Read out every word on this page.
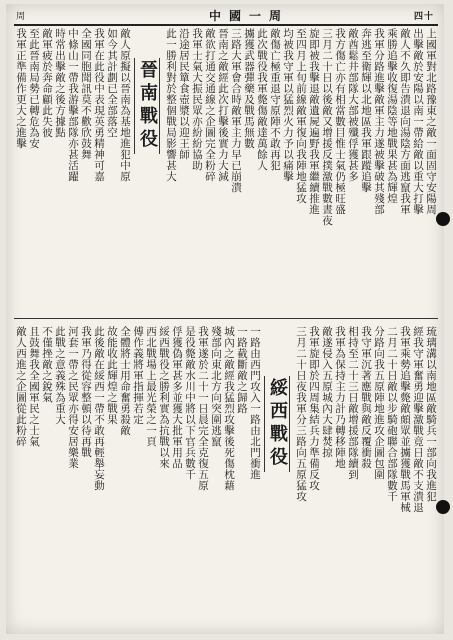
周	中國一周	四十
晉南戰役	上國軍對北路豫東之敵一面固守安陽周
出擊敵於安陽以南一帶給敵以重大打擊
敵人不久即告潰退向湯陰方面逃竄我軍
乘勝追擊收復湯陰等地戰果甚為輝煌
我軍分路進擊敵軍主力遂被擊破其殘部
奔逃至衛輝以北地區我軍跟蹤追擊
敵酋鬆井部隊大部被殲俘獲甚多
我方傷亡亦有相當數目惟士氣仍極旺盛
三月二十日以後敵又增援反撲激戰數晝夜
旋即被我擊退敵遺屍遍野我軍繼續推進
至四月上旬前線敵軍復向我陣地猛攻
均被我守軍以猛烈火力予以痛擊
敵傷亡極重退守原陣不敢再犯
此次戰役我軍斃傷敵達萬餘人
擄獲武器彈藥及戰馬無數
三路大軍會合時敵軍主力早已崩潰
晉南之敵經此次打擊後實力大減
敵欲打通交通線之企圖完全粉碎
我軍士氣大振民眾亦紛紛協助
沿途居民簞食壺漿以迎王師
此一勝利對於整個戰局影響甚大
敵人原擬以晉南為基地進犯中原
如今其計劃已全部落空
我軍在此役中表現英勇精神可嘉
全國同胞聞訊莫不歡欣鼓舞
中條山一帶我游擊部隊亦甚活躍
時常出擊敵之後方據點
敵軍疲於奔命顧此失彼
至此晉南局勢已轉危為安
我軍正準備作更大之進擊
綏西戰役	琉璃溝以南地區敵騎兵一部向我進犯
經我守軍奮勇迎擊激戰竟日敵不支潰退
我軍乘勢追擊斃敵頗眾並擄獲戰馬軍械
二月二十日敵以步騎砲聯合部隊數千
分路向我五原陣地進攻企圖包圍
我守軍沉著應戰與敵反覆衝殺
相持至二十三日敵增援部隊續到
我軍為保持主力計乃轉移陣地
敵遂侵入五原城內大肆焚掠
我軍旋即於四周集結兵力準備反攻
三月二十日夜我軍分三路向五原猛攻
一路由西門攻入一路由北門衝進
一路截斷敵之歸路
城內之敵經我猛烈攻擊後死傷枕藉
殘部向東北方向突圍逃竄
我軍遂於二十一日晨完全克復五原
是役斃敵水川中將以下官兵數千
俘獲偽軍甚多並獲大批軍用品
綏西戰役之勝利實為抗戰以來
西北戰場上最光榮之一頁
傅作義將軍指揮若定
全體將士用命奮勇殺敵
故能收此輝煌之戰果
此後敵在綏西一帶不敢再輕舉妄動
我軍乃得從容整頓以待再戰
河套一帶之民眾亦得安居樂業
此戰之意義殊為重大
不僅挫敵之銳氣
且鼓舞我全國軍民之士氣
敵人西進之企圖從此粉碎
